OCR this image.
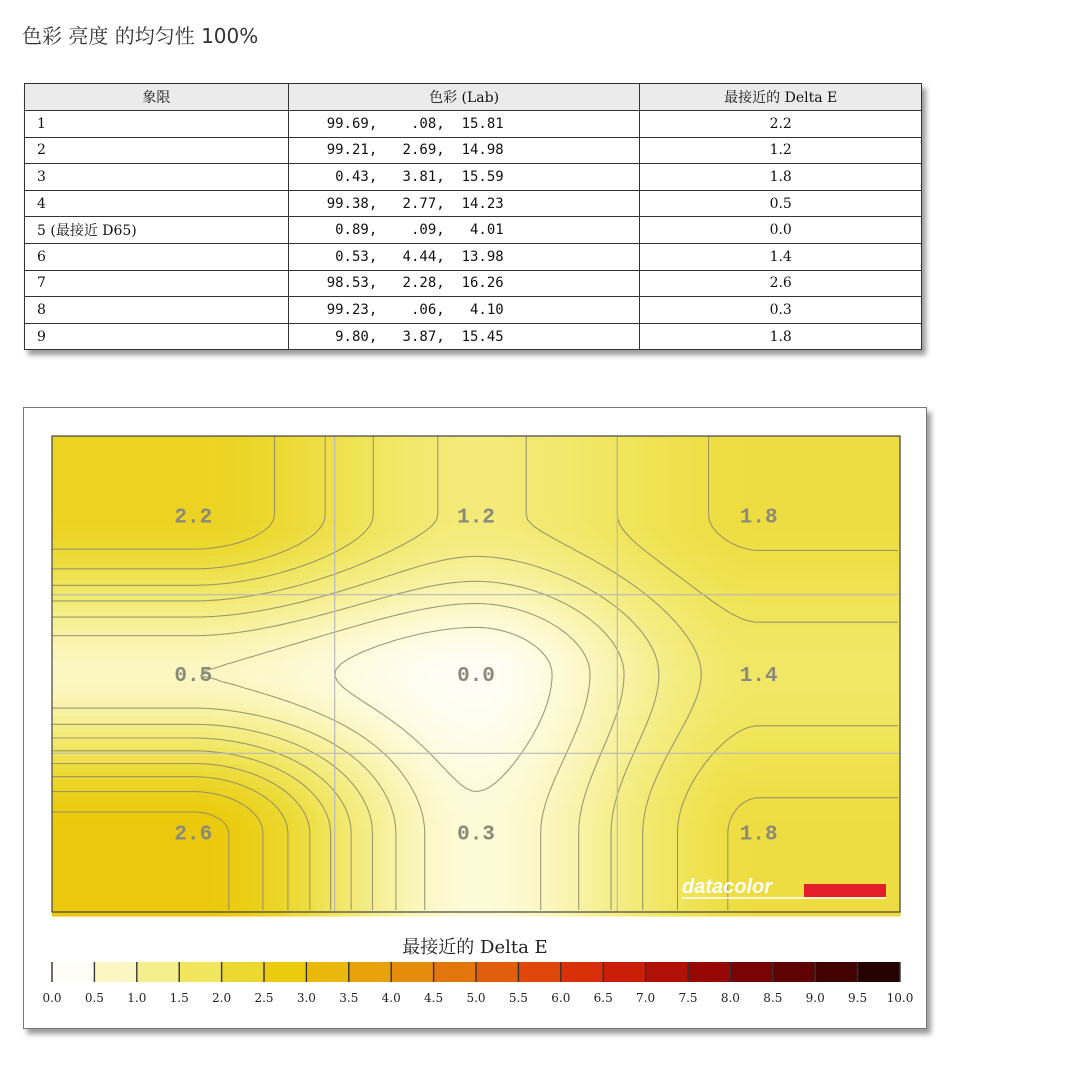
色彩 亮度 的均匀性 100%
象限	色彩 (Lab)	最接近的 Delta E
1	99.69,    .08,  15.81	2.2
2	99.21,   2.69,  14.98	1.2
3	0.43,   3.81,  15.59	1.8
4	99.38,   2.77,  14.23	0.5
5 (最接近 D65)	0.89,    .09,   4.01	0.0
6	0.53,   4.44,  13.98	1.4
7	98.53,   2.28,  16.26	2.6
8	99.23,    .06,   4.10	0.3
9	9.80,   3.87,  15.45	1.8
2.2	1.2	1.8
0.5	0.0	1.4
2.6	0.3	1.8
datacolor
最接近的 Delta E
0.0 0.5 1.0 1.5 2.0 2.5 3.0 3.5 4.0 4.5 5.0 5.5 6.0 6.5 7.0 7.5 8.0 8.5 9.0 9.5 10.0
